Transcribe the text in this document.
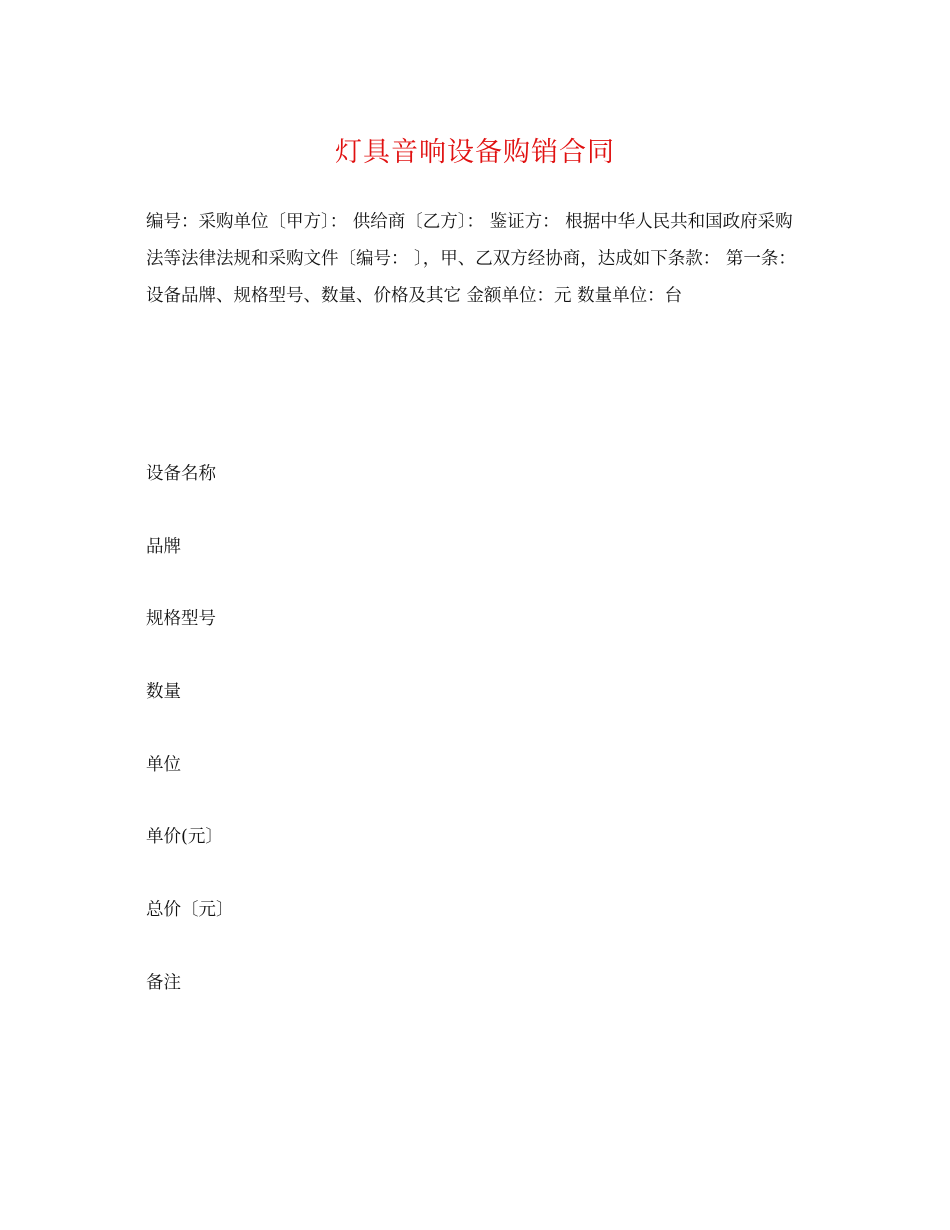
灯具音响设备购销合同

编号：采购单位〔甲方〕： 供给商〔乙方〕： 鉴证方： 根据中华人民共和国政府采购法等法律法规和采购文件〔编号： 〕，甲、乙双方经协商，达成如下条款： 第一条：设备品牌、规格型号、数量、价格及其它 金额单位：元 数量单位：台

设备名称
品牌
规格型号
数量
单位
单价(元〕
总价〔元〕
备注
